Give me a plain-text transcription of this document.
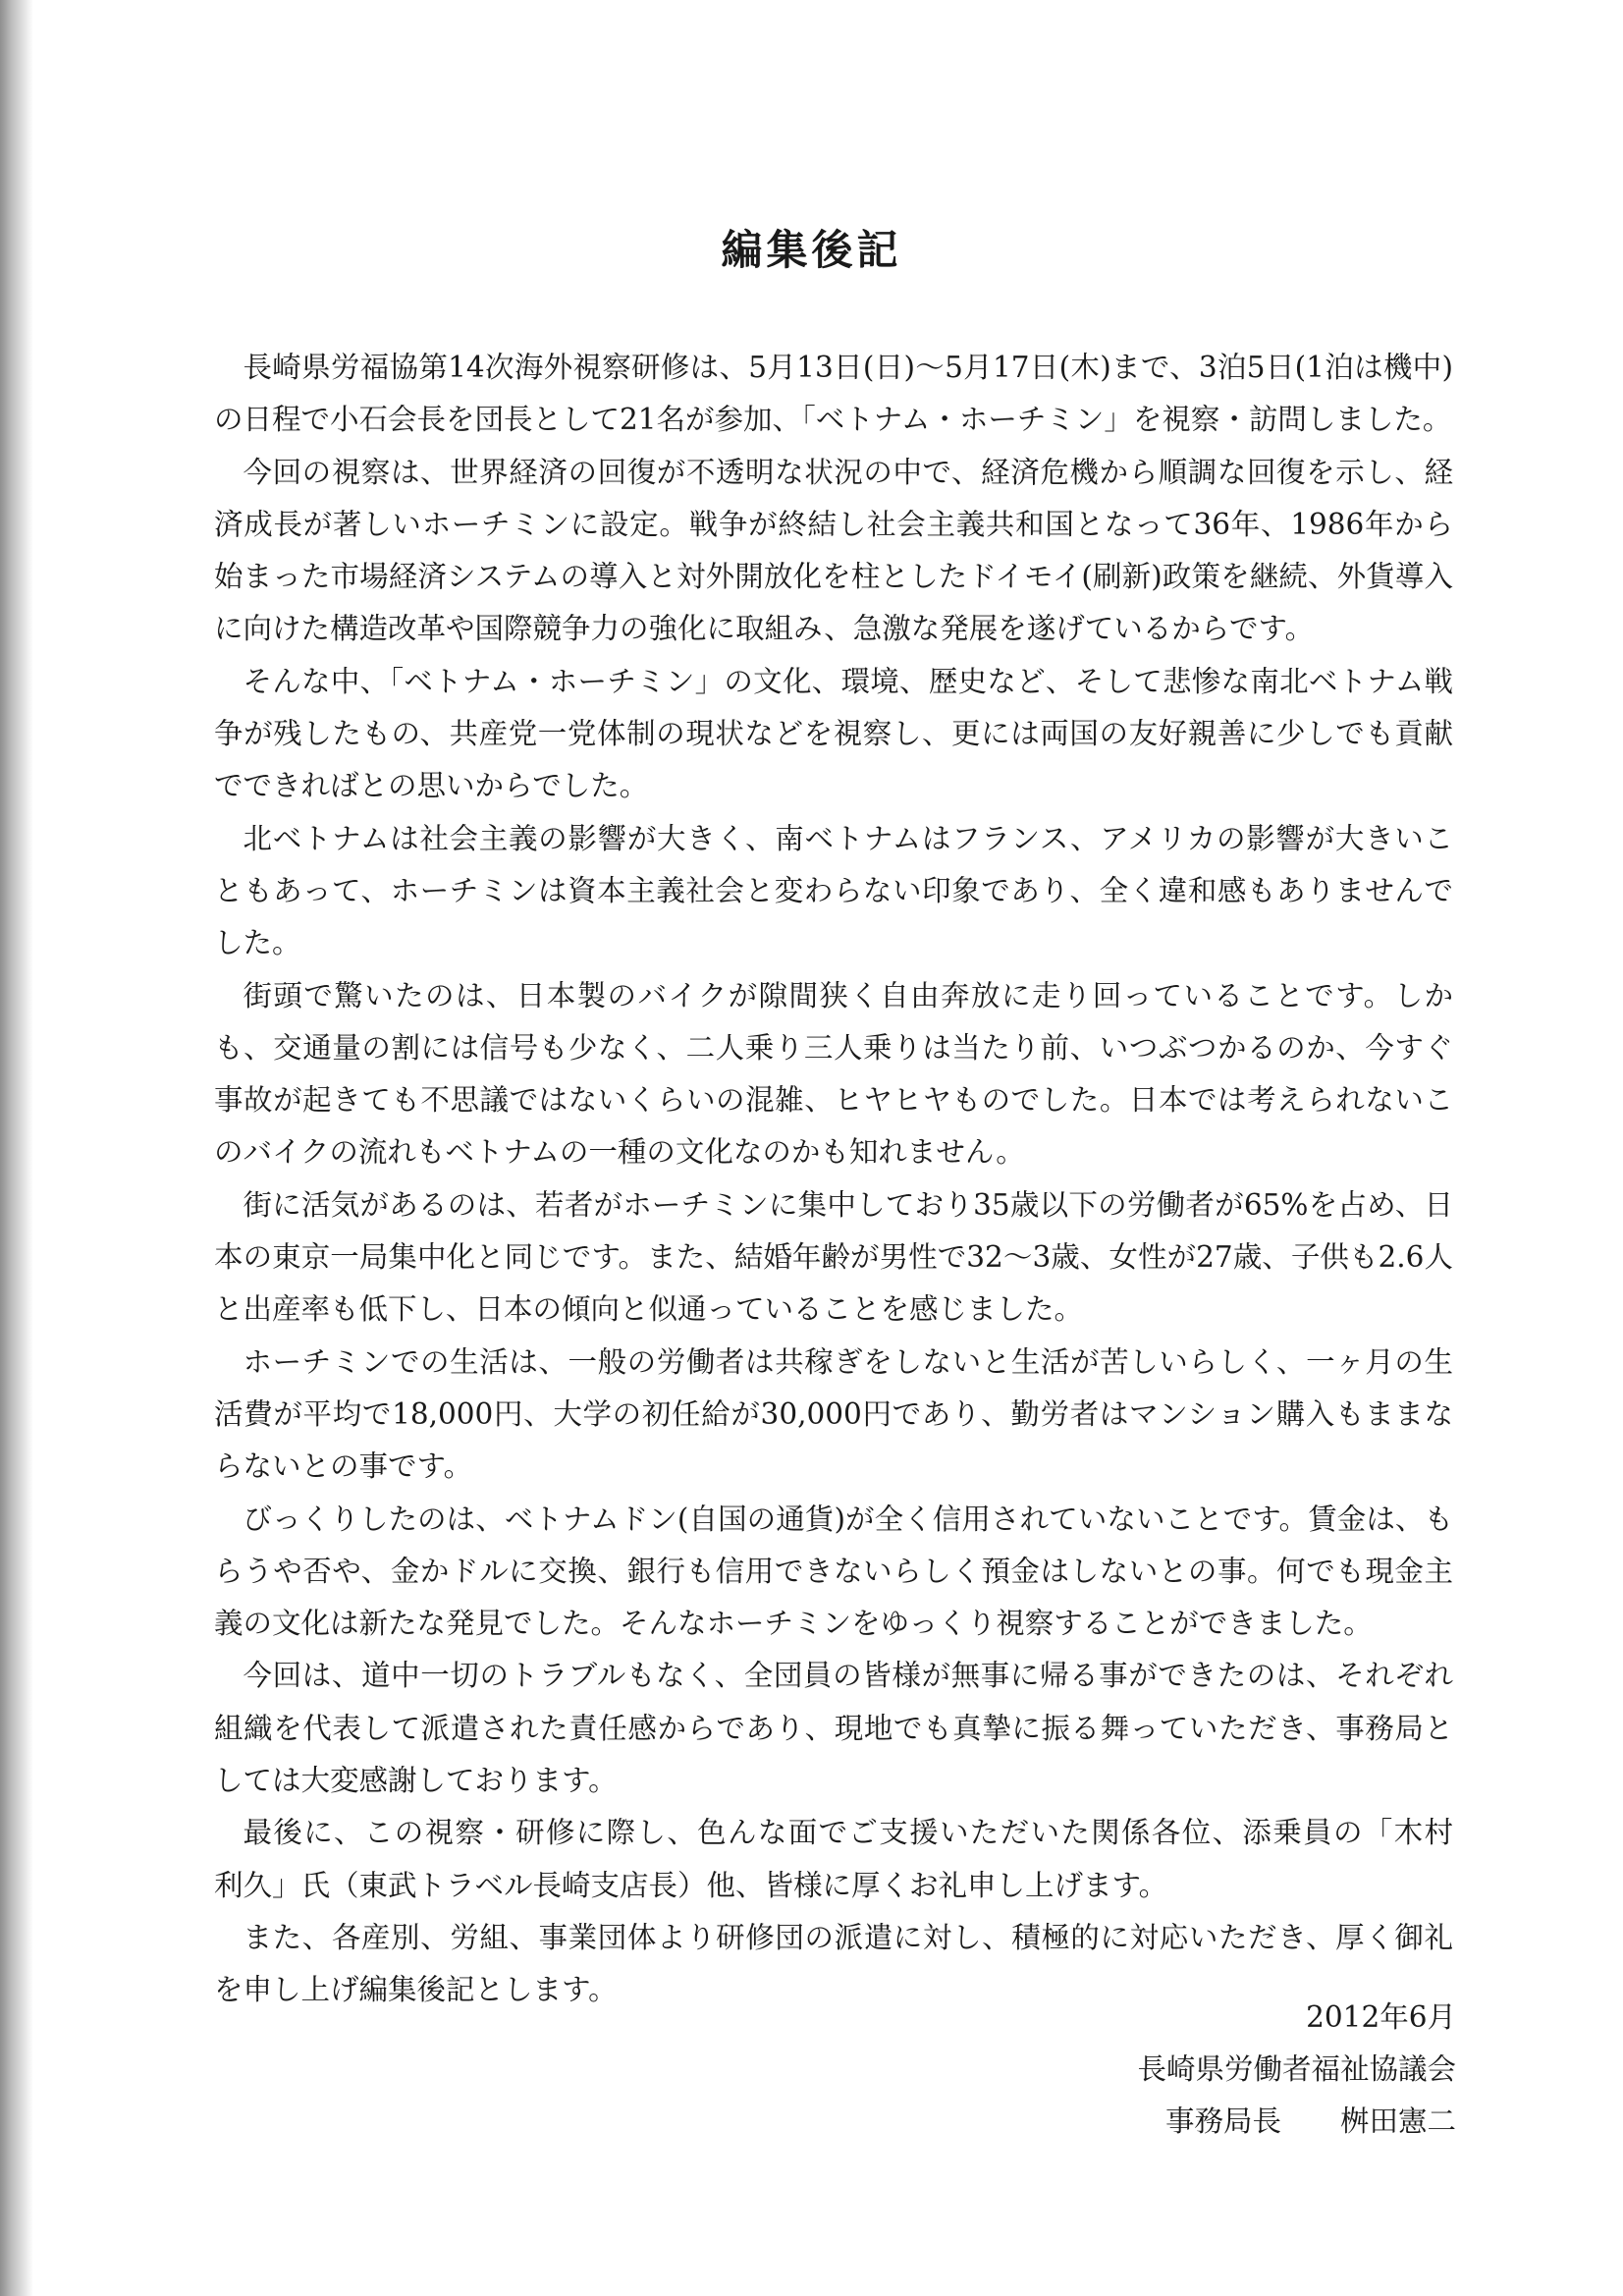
編集後記

長崎県労福協第14次海外視察研修は、5月13日(日)〜5月17日(木)まで、3泊5日(1泊は機中)の日程で小石会長を団長として21名が参加、「ベトナム・ホーチミン」を視察・訪問しました。

今回の視察は、世界経済の回復が不透明な状況の中で、経済危機から順調な回復を示し、経済成長が著しいホーチミンに設定。戦争が終結し社会主義共和国となって36年、1986年から始まった市場経済システムの導入と対外開放化を柱としたドイモイ(刷新)政策を継続、外貨導入に向けた構造改革や国際競争力の強化に取組み、急激な発展を遂げているからです。

そんな中、「ベトナム・ホーチミン」の文化、環境、歴史など、そして悲惨な南北ベトナム戦争が残したもの、共産党一党体制の現状などを視察し、更には両国の友好親善に少しでも貢献でできればとの思いからでした。

北ベトナムは社会主義の影響が大きく、南ベトナムはフランス、アメリカの影響が大きいこともあって、ホーチミンは資本主義社会と変わらない印象であり、全く違和感もありませんでした。

街頭で驚いたのは、日本製のバイクが隙間狭く自由奔放に走り回っていることです。しかも、交通量の割には信号も少なく、二人乗り三人乗りは当たり前、いつぶつかるのか、今すぐ事故が起きても不思議ではないくらいの混雑、ヒヤヒヤものでした。日本では考えられないこのバイクの流れもベトナムの一種の文化なのかも知れません。

街に活気があるのは、若者がホーチミンに集中しており35歳以下の労働者が65%を占め、日本の東京一局集中化と同じです。また、結婚年齢が男性で32〜3歳、女性が27歳、子供も2.6人と出産率も低下し、日本の傾向と似通っていることを感じました。

ホーチミンでの生活は、一般の労働者は共稼ぎをしないと生活が苦しいらしく、一ヶ月の生活費が平均で18,000円、大学の初任給が30,000円であり、勤労者はマンション購入もままならないとの事です。

びっくりしたのは、ベトナムドン(自国の通貨)が全く信用されていないことです。賃金は、もらうや否や、金かドルに交換、銀行も信用できないらしく預金はしないとの事。何でも現金主義の文化は新たな発見でした。そんなホーチミンをゆっくり視察することができました。

今回は、道中一切のトラブルもなく、全団員の皆様が無事に帰る事ができたのは、それぞれ組織を代表して派遣された責任感からであり、現地でも真摯に振る舞っていただき、事務局としては大変感謝しております。

最後に、この視察・研修に際し、色んな面でご支援いただいた関係各位、添乗員の「木村　利久」氏（東武トラベル長崎支店長）他、皆様に厚くお礼申し上げます。

また、各産別、労組、事業団体より研修団の派遣に対し、積極的に対応いただき、厚く御礼を申し上げ編集後記とします。

2012年6月
長崎県労働者福祉協議会
事務局長 桝田憲二
